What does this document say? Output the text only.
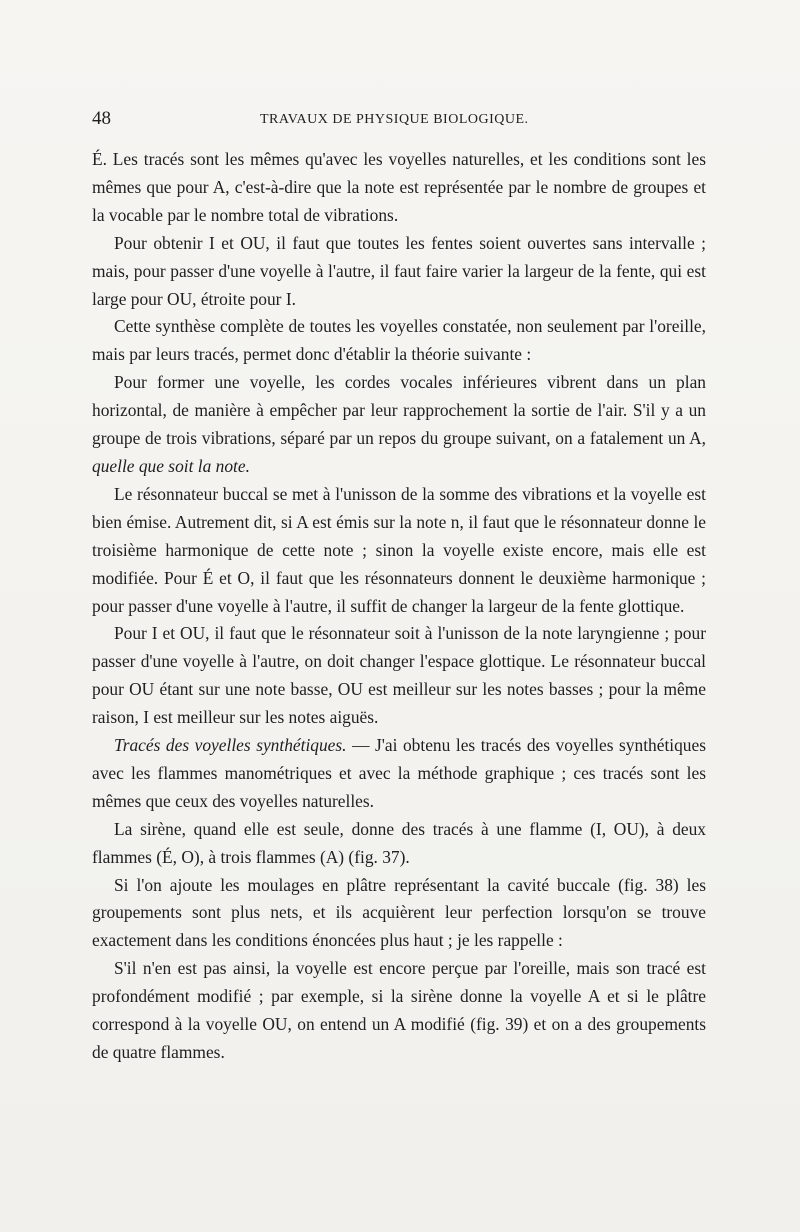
48	TRAVAUX DE PHYSIQUE BIOLOGIQUE.

É. Les tracés sont les mêmes qu'avec les voyelles naturelles, et les conditions sont les mêmes que pour A, c'est-à-dire que la note est représentée par le nombre de groupes et la vocable par le nombre total de vibrations.

Pour obtenir I et OU, il faut que toutes les fentes soient ouvertes sans intervalle ; mais, pour passer d'une voyelle à l'autre, il faut faire varier la largeur de la fente, qui est large pour OU, étroite pour I.

Cette synthèse complète de toutes les voyelles constatée, non seulement par l'oreille, mais par leurs tracés, permet donc d'établir la théorie suivante :

Pour former une voyelle, les cordes vocales inférieures vibrent dans un plan horizontal, de manière à empêcher par leur rapprochement la sortie de l'air. S'il y a un groupe de trois vibrations, séparé par un repos du groupe suivant, on a fatalement un A, quelle que soit la note.

Le résonnateur buccal se met à l'unisson de la somme des vibrations et la voyelle est bien émise. Autrement dit, si A est émis sur la note n, il faut que le résonnateur donne le troisième harmonique de cette note ; sinon la voyelle existe encore, mais elle est modifiée. Pour É et O, il faut que les résonnateurs donnent le deuxième harmonique ; pour passer d'une voyelle à l'autre, il suffit de changer la largeur de la fente glottique.

Pour I et OU, il faut que le résonnateur soit à l'unisson de la note laryngienne ; pour passer d'une voyelle à l'autre, on doit changer l'espace glottique. Le résonnateur buccal pour OU étant sur une note basse, OU est meilleur sur les notes basses ; pour la même raison, I est meilleur sur les notes aiguës.

Tracés des voyelles synthétiques. — J'ai obtenu les tracés des voyelles synthétiques avec les flammes manométriques et avec la méthode graphique ; ces tracés sont les mêmes que ceux des voyelles naturelles.

La sirène, quand elle est seule, donne des tracés à une flamme (I, OU), à deux flammes (É, O), à trois flammes (A) (fig. 37).

Si l'on ajoute les moulages en plâtre représentant la cavité buccale (fig. 38) les groupements sont plus nets, et ils acquièrent leur perfection lorsqu'on se trouve exactement dans les conditions énoncées plus haut ; je les rappelle :

S'il n'en est pas ainsi, la voyelle est encore perçue par l'oreille, mais son tracé est profondément modifié ; par exemple, si la sirène donne la voyelle A et si le plâtre correspond à la voyelle OU, on entend un A modifié (fig. 39) et on a des groupements de quatre flammes.
